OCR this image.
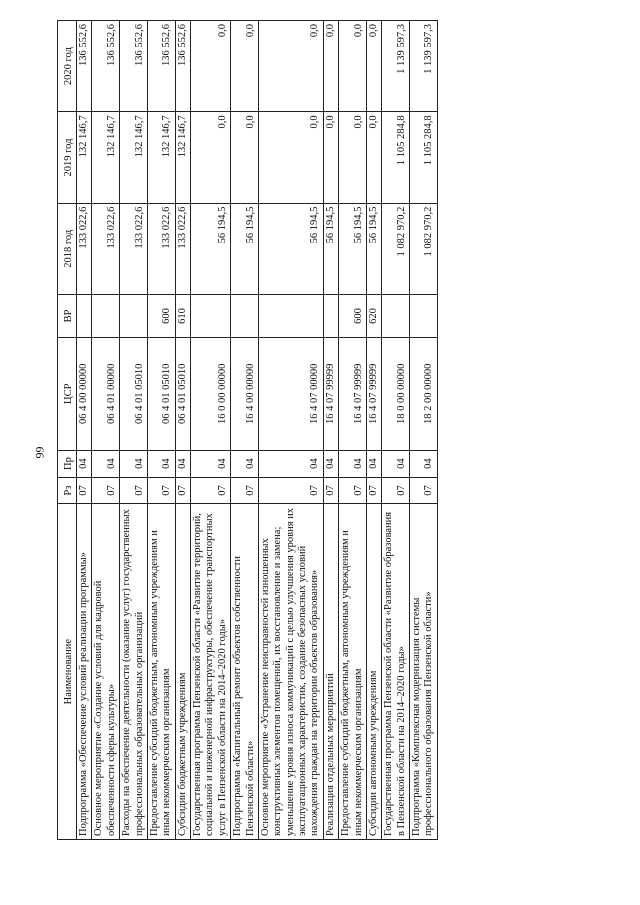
99
Наименование	Рз	Пр	ЦСР	ВР	2018 год	2019 год	2020 год
Подпрограмма «Обеспечение условий реализации программы»	07	04	06 4 00 00000		133 022,6	132 146,7	136 552,6
Основное мероприятие «Создание условий для кадровой обеспеченности сферы культуры»	07	04	06 4 01 00000		133 022,6	132 146,7	136 552,6
Расходы на обеспечение деятельности (оказание услуг) государственных профессиональных образовательных организаций	07	04	06 4 01 05010		133 022,6	132 146,7	136 552,6
Предоставление субсидий бюджетным, автономным учреждениям и иным некоммерческим организациям	07	04	06 4 01 05010	600	133 022,6	132 146,7	136 552,6
Субсидии бюджетным учреждениям	07	04	06 4 01 05010	610	133 022,6	132 146,7	136 552,6
Государственная программа Пензенской области «Развитие территорий, социальной и инженерной инфраструктуры, обеспечение транспортных услуг в Пензенской области на 2014–2020 годы»	07	04	16 0 00 00000		56 194,5	0,0	0,0
Подпрограмма «Капитальный ремонт объектов собственности Пензенской области»	07	04	16 4 00 00000		56 194,5	0,0	0,0
Основное мероприятие «Устранение неисправностей изношенных конструктивных элементов помещений, их восстановление и замена; уменьшение уровня износа коммуникаций с целью улучшения уровня их эксплуатационных характеристик, создание безопасных условий нахождения граждан на территории объектов образования»	07	04	16 4 07 00000		56 194,5	0,0	0,0
Реализация отдельных мероприятий	07	04	16 4 07 99999		56 194,5	0,0	0,0
Предоставление субсидий бюджетным, автономным учреждениям и иным некоммерческим организациям	07	04	16 4 07 99999	600	56 194,5	0,0	0,0
Субсидии автономным учреждениям	07	04	16 4 07 99999	620	56 194,5	0,0	0,0
Государственная программа Пензенской области «Развитие образования в Пензенской области на 2014–2020 годы»	07	04	18 0 00 00000		1 082 970,2	1 105 284,8	1 139 597,3
Подпрограмма «Комплексная модернизация системы профессионального образования Пензенской области»	07	04	18 2 00 00000		1 082 970,2	1 105 284,8	1 139 597,3
